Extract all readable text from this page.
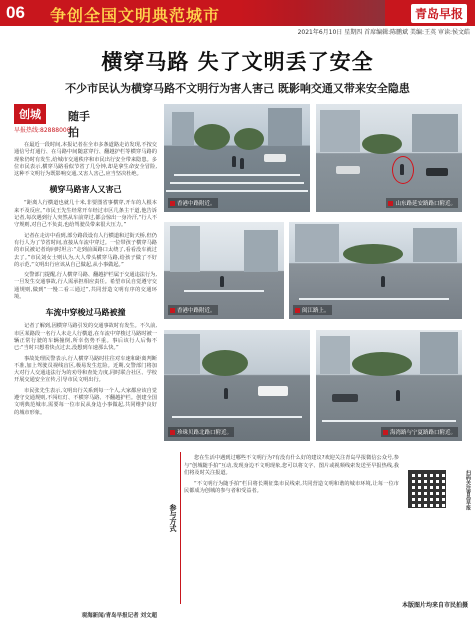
06 争创全国文明典范城市	青岛早报
2021年6月10日 星期四 首席编辑:陈鹏斌 美编:王英 审读:侯文皓
横穿马路 失了文明丢了安全
不少市民认为横穿马路不文明行为害人害己 既影响交通又带来安全隐患
创城	随手拍
早报热线:82888000

在最近一段时间,本报记者在全市多条道路走访发现,不按交通信号灯通行、在马路中间随意穿行、翻越护栏等横穿马路的现象仍时有发生,给城市交通秩序和市民出行安全带来隐患。多位市民表示,横穿马路看似节省了几分钟,却是拿生命安全冒险,这种不文明行为既影响交通,又害人害己,应当坚决杜绝。

横穿马路害人又害己

“距离人行横道也就几十米,非要图省事横穿,开车的人根本来不及反应。”市民王先生经常开车经过市区几条主干道,他告诉记者,每次遇到行人突然从车前穿过,都会惊出一身冷汗,“行人不守规则,对自己不负责,也给驾驶员带来很大压力。”

记者在走访中看到,部分路段设有人行横道和过街天桥,但仍有行人为了节省时间,直接从车流中穿过。一位带孩子横穿马路的市民被记者询问时坦言:“走到前面路口太绕了,看看没车就过去了。”市民刘女士则认为,大人带头横穿马路,给孩子做了不好的示范,“文明出行应该从自己做起,从小事做起。”

交警部门提醒,行人横穿马路、翻越护栏属于交通违法行为,一旦发生交通事故,行人需承担相应责任。希望市民自觉遵守交通规则,做到“一慢二看三通过”,共同营造文明有序的交通环境。

车流中穿梭过马路被撞

记者了解到,因横穿马路引发的交通事故时有发生。不久前,市区某路段一名行人未走人行横道,在车流中穿梭过马路时被一辆正常行驶的车辆撞倒,所幸伤势不重。事后该行人后悔不已:“当时只想着快点过去,没想到车速那么快。”

事故处理民警表示,行人横穿马路时往往对车速和距离判断不准,加上驾驶员视线盲区,极易发生危险。近期,交警部门将加大对行人交通违法行为的劝导和查处力度,同时联合社区、学校开展交通安全宣传,引导市民文明出行。

市民张先生表示,文明出行关系到每一个人,大家都应该自觉遵守交通规则,不闯红灯、不横穿马路、不翻越护栏。创建全国文明典范城市,需要每一位市民从身边小事做起,共同维护良好的城市形象。

观海新闻/青岛早报记者 刘文超
香港中路附近。	山东路延安路路口附近。
香港中路附近。	闽江路上。
珍珠贝路北路口附近。	海湾路与宁夏路路口附近。
参与方式

您在生活中遇到过哪些不文明行为?有没有什么好的建议?欢迎关注青岛早报微信公众号,参与“创城随手拍”互动,发现身边不文明现象,您可以将文字、图片或视频线索发送至早报热线,我们将及时关注报道。

“不文明行为随手拍”栏目将长期征集市民线索,共同营造文明和谐的城市环境,让每一位市民都成为创城的参与者和受益者。	扫码关注青岛早报
本版图片均来自市民拍摄
